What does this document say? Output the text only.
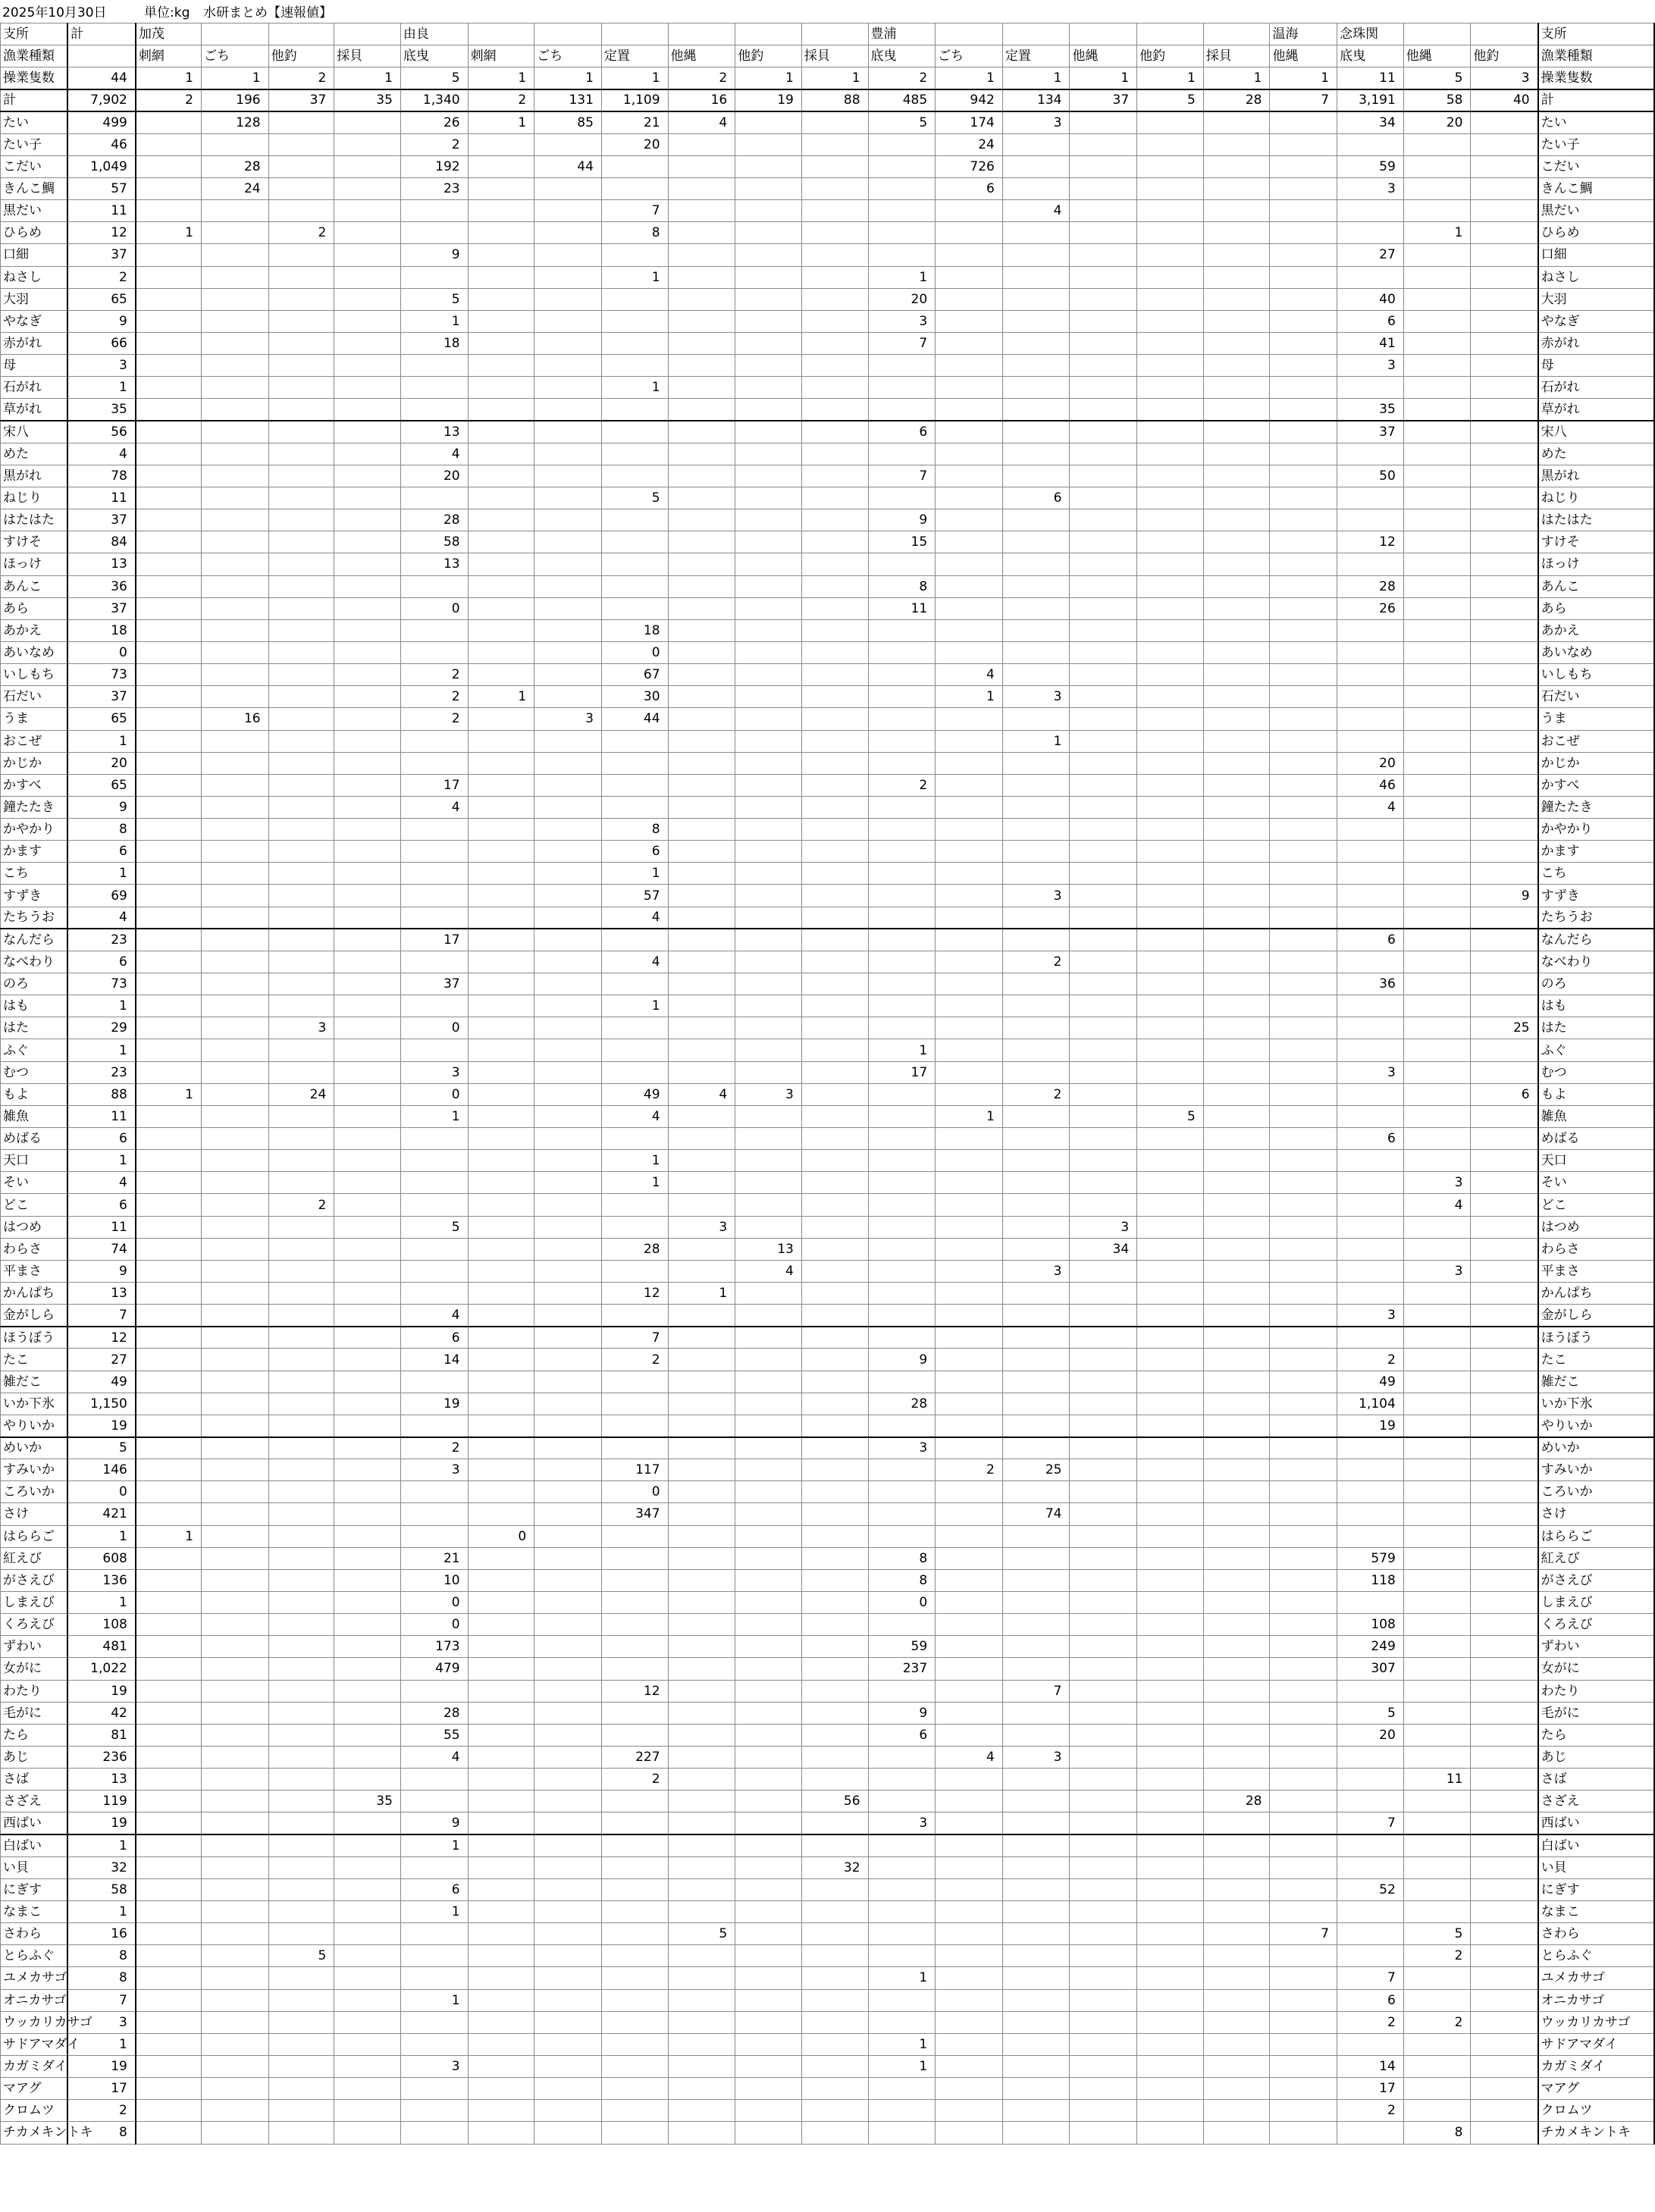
2025年10月30日	単位:kg 水研まとめ【速報値】
支所	計	加茂				由良							豊浦						温海	念珠関			支所
漁業種類		刺網	ごち	他釣	採貝	底曳	刺網	ごち	定置	他縄	他釣	採貝	底曳	ごち	定置	他縄	他釣	採貝	他縄	底曳	他縄	他釣	漁業種類
操業隻数	44	1	1	2	1	5	1	1	1	2	1	1	2	1	1	1	1	1	1	11	5	3	操業隻数
計	7,902	2	196	37	35	1,340	2	131	1,109	16	19	88	485	942	134	37	5	28	7	3,191	58	40	計
たい	499		128			26	1	85	21	4			5	174	3					34	20		たい
たい子	46					2			20					24									たい子
こだい	1,049		28			192		44						726						59			こだい
きんこ鯛	57		24			23								6						3			きんこ鯛
黒だい	11								7						4								黒だい
ひらめ	12	1		2					8												1		ひらめ
口細	37					9														27			口細
ねさし	2								1				1										ねさし
大羽	65					5							20							40			大羽
やなぎ	9					1							3							6			やなぎ
赤がれ	66					18							7							41			赤がれ
母	3																			3			母
石がれ	1								1														石がれ
草がれ	35																			35			草がれ
宋八	56					13							6							37			宋八
めた	4					4																	めた
黒がれ	78					20							7							50			黒がれ
ねじり	11								5						6								ねじり
はたはた	37					28							9										はたはた
すけそ	84					58							15							12			すけそ
ほっけ	13					13																	ほっけ
あんこ	36												8							28			あんこ
あら	37					0							11							26			あら
あかえ	18								18														あかえ
あいなめ	0								0														あいなめ
いしもち	73					2			67					4									いしもち
石だい	37					2	1		30					1	3								石だい
うま	65		16			2		3	44														うま
おこぜ	1														1								おこぜ
かじか	20																			20			かじか
かすべ	65					17							2							46			かすべ
鐘たたき	9					4														4			鐘たたき
かやかり	8								8														かやかり
かます	6								6														かます
こち	1								1														こち
すずき	69								57						3							9	すずき
たちうお	4								4														たちうお
なんだら	23					17														6			なんだら
なべわり	6								4						2								なべわり
のろ	73					37														36			のろ
はも	1								1														はも
はた	29			3		0																25	はた
ふぐ	1												1										ふぐ
むつ	23					3							17							3			むつ
もよ	88	1		24		0			49	4	3				2							6	もよ
雑魚	11					1			4					1			5						雑魚
めばる	6																			6			めばる
天口	1								1														天口
そい	4								1												3		そい
どこ	6			2																	4		どこ
はつめ	11					5				3						3							はつめ
わらさ	74								28		13					34							わらさ
平まさ	9										4				3						3		平まさ
かんぱち	13								12	1													かんぱち
金がしら	7					4														3			金がしら
ほうぼう	12					6			7														ほうぼう
たこ	27					14			2				9							2			たこ
雑だこ	49																			49			雑だこ
いか下氷	1,150					19							28							1,104			いか下氷
やりいか	19																			19			やりいか
めいか	5					2							3										めいか
すみいか	146					3			117					2	25								すみいか
ころいか	0								0														ころいか
さけ	421								347						74								さけ
はららご	1	1					0																はららご
紅えび	608					21							8							579			紅えび
がさえび	136					10							8							118			がさえび
しまえび	1					0							0										しまえび
くろえび	108					0														108			くろえび
ずわい	481					173							59							249			ずわい
女がに	1,022					479							237							307			女がに
わたり	19								12						7								わたり
毛がに	42					28							9							5			毛がに
たら	81					55							6							20			たら
あじ	236					4			227					4	3								あじ
さば	13								2												11		さば
さざえ	119				35							56						28					さざえ
西ばい	19					9							3							7			西ばい
白ばい	1					1																	白ばい
い貝	32											32											い貝
にぎす	58					6														52			にぎす
なまこ	1					1																	なまこ
さわら	16									5									7		5		さわら
とらふぐ	8			5																	2		とらふぐ
ユメカサゴ	8												1							7			ユメカサゴ
オニカサゴ	7					1														6			オニカサゴ
ウッカリカサゴ	3																			2	2		ウッカリカサゴ
サドアマダイ	1												1										サドアマダイ
カガミダイ	19					3							1							14			カガミダイ
マアグ	17																			17			マアグ
クロムツ	2																			2			クロムツ
チカメキントキ	8																				8		チカメキントキ
